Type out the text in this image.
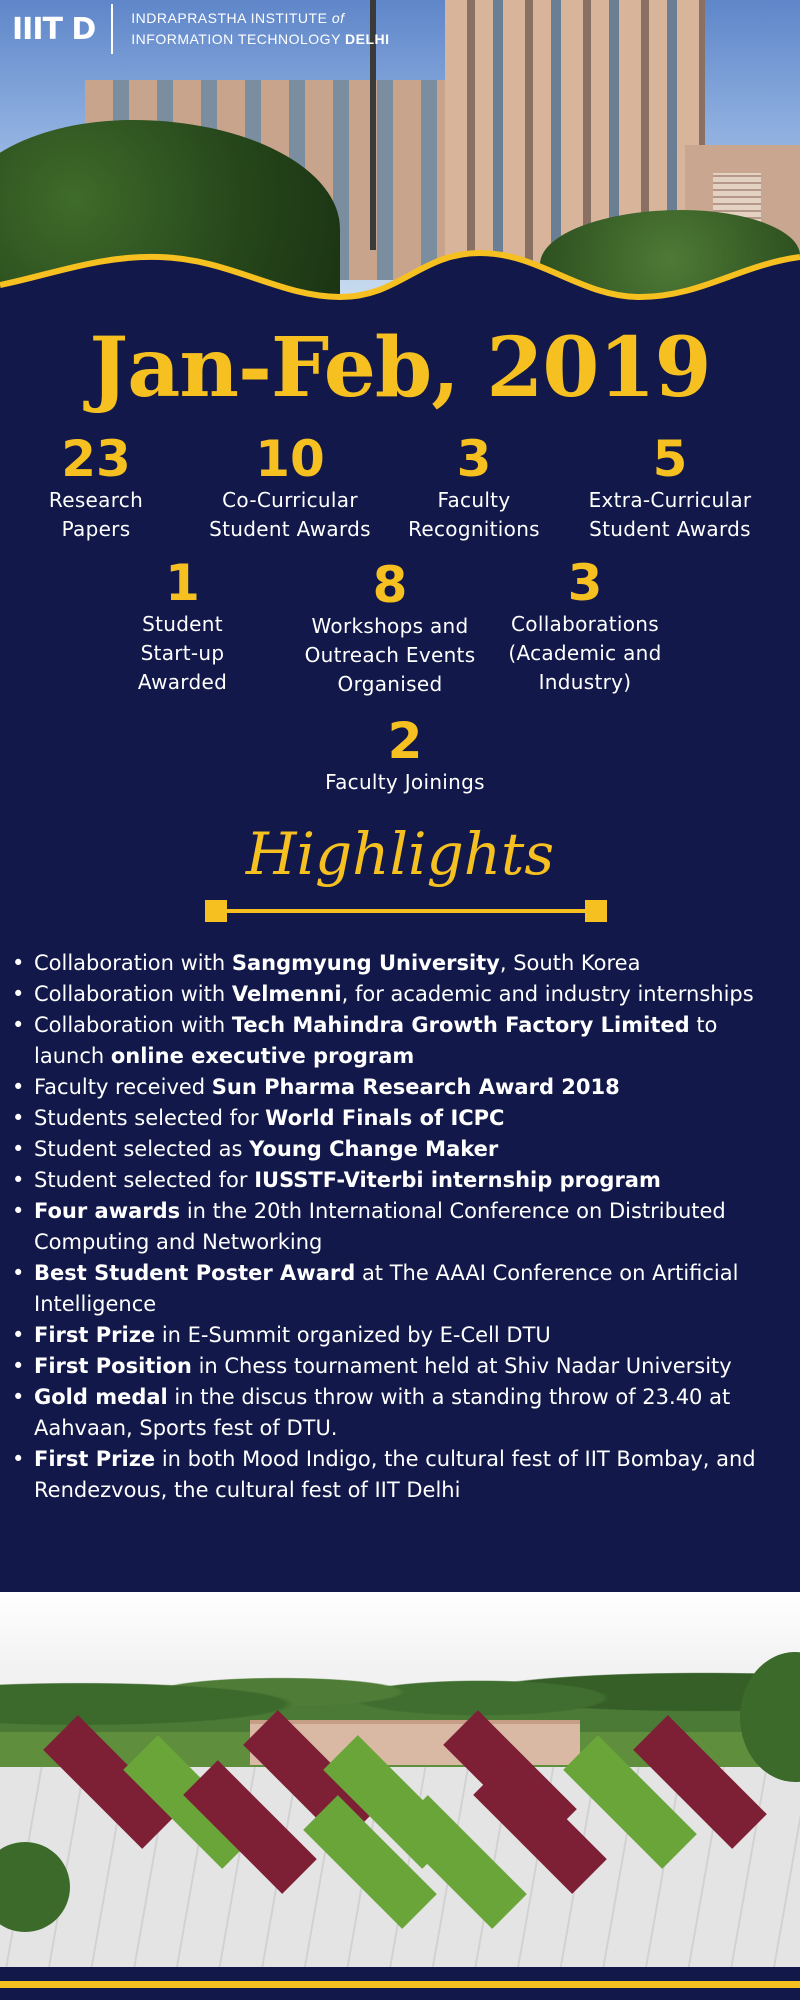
IIIT D	INDRAPRASTHA INSTITUTE of
INFORMATION TECHNOLOGY DELHI
Jan-Feb, 2019
23
Research
Papers
10
Co-Curricular
Student Awards
3
Faculty
Recognitions
5
Extra-Curricular
Student Awards
1
Student
Start-up
Awarded
8
Workshops and
Outreach Events
Organised
3
Collaborations
(Academic and
Industry)
2
Faculty Joinings
Highlights
• Collaboration with Sangmyung University, South Korea
• Collaboration with Velmenni, for academic and industry internships
• Collaboration with Tech Mahindra Growth Factory Limited to launch online executive program
• Faculty received Sun Pharma Research Award 2018
• Students selected for World Finals of ICPC
• Student selected as Young Change Maker
• Student selected for IUSSTF-Viterbi internship program
• Four awards in the 20th International Conference on Distributed Computing and Networking
• Best Student Poster Award at The AAAI Conference on Artificial Intelligence
• First Prize in E-Summit organized by E-Cell DTU
• First Position in Chess tournament held at Shiv Nadar University
• Gold medal in the discus throw with a standing throw of 23.40 at Aahvaan, Sports fest of DTU.
• First Prize in both Mood Indigo, the cultural fest of IIT Bombay, and Rendezvous, the cultural fest of IIT Delhi
